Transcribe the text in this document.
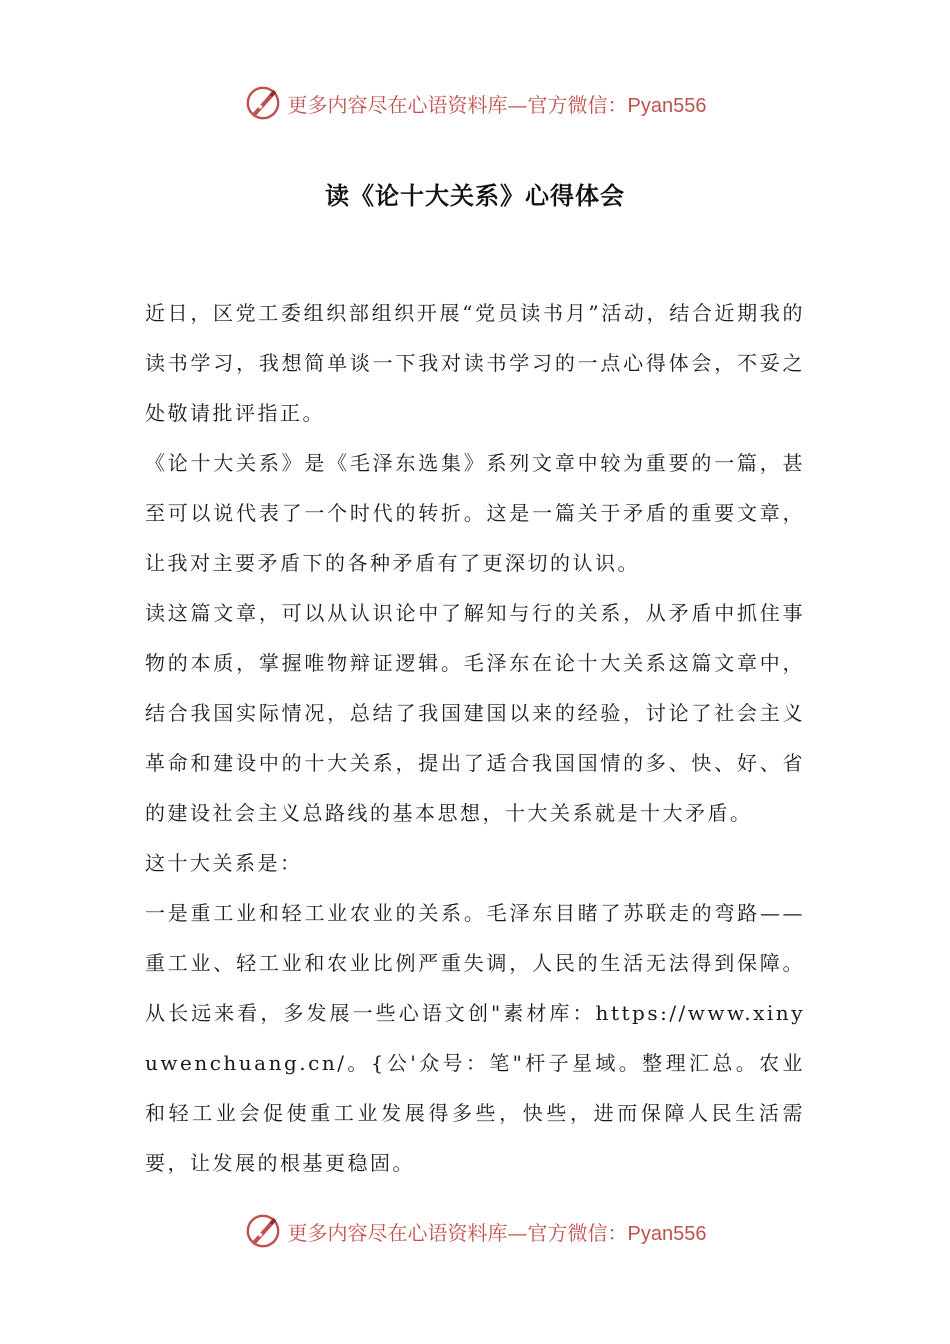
更多内容尽在心语资料库—官方微信：Pyan556
读《论十大关系》心得体会

近日，区党工委组织部组织开展“党员读书月”活动，结合近期我的读书学习，我想简单谈一下我对读书学习的一点心得体会，不妥之处敬请批评指正。

《论十大关系》是《毛泽东选集》系列文章中较为重要的一篇，甚至可以说代表了一个时代的转折。这是一篇关于矛盾的重要文章，让我对主要矛盾下的各种矛盾有了更深切的认识。

读这篇文章，可以从认识论中了解知与行的关系，从矛盾中抓住事物的本质，掌握唯物辩证逻辑。毛泽东在论十大关系这篇文章中，结合我国实际情况，总结了我国建国以来的经验，讨论了社会主义革命和建设中的十大关系，提出了适合我国国情的多、快、好、省的建设社会主义总路线的基本思想，十大关系就是十大矛盾。

这十大关系是：

一是重工业和轻工业农业的关系。毛泽东目睹了苏联走的弯路——重工业、轻工业和农业比例严重失调，人民的生活无法得到保障。从长远来看，多发展一些心语文创"素材库：https://www.xinyuwenchuang.cn/。{公'众号：笔"杆子星域。整理汇总。农业和轻工业会促使重工业发展得多些，快些，进而保障人民生活需要，让发展的根基更稳固。

更多内容尽在心语资料库—官方微信：Pyan556
